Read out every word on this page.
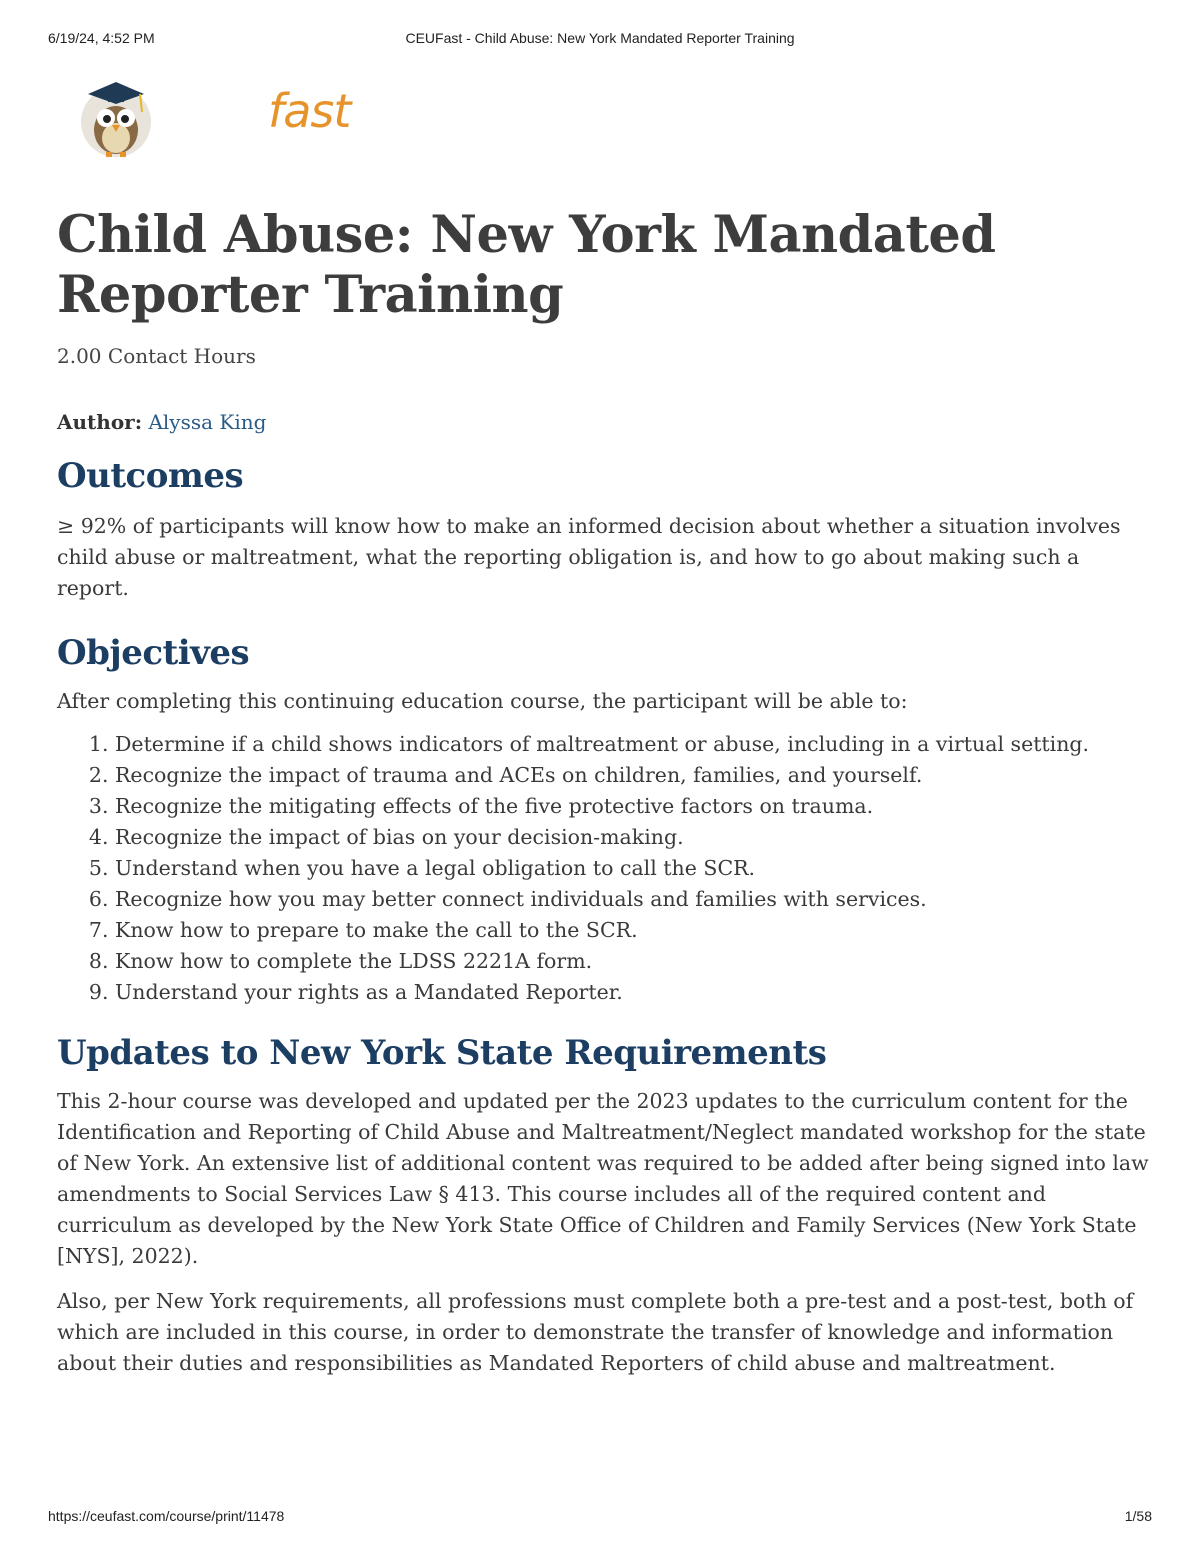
6/19/24, 4:52 PM	CEUFast - Child Abuse: New York Mandated Reporter Training
fast
Child Abuse: New York Mandated Reporter Training
2.00 Contact Hours
Author: Alyssa King
Outcomes

≥ 92% of participants will know how to make an informed decision about whether a situation involves child abuse or maltreatment, what the reporting obligation is, and how to go about making such a report.

Objectives

After completing this continuing education course, the participant will be able to:

1. Determine if a child shows indicators of maltreatment or abuse, including in a virtual setting.
2. Recognize the impact of trauma and ACEs on children, families, and yourself.
3. Recognize the mitigating effects of the five protective factors on trauma.
4. Recognize the impact of bias on your decision-making.
5. Understand when you have a legal obligation to call the SCR.
6. Recognize how you may better connect individuals and families with services.
7. Know how to prepare to make the call to the SCR.
8. Know how to complete the LDSS 2221A form.
9. Understand your rights as a Mandated Reporter.
Updates to New York State Requirements

This 2-hour course was developed and updated per the 2023 updates to the curriculum content for the Identification and Reporting of Child Abuse and Maltreatment/Neglect mandated workshop for the state of New York. An extensive list of additional content was required to be added after being signed into law amendments to Social Services Law § 413. This course includes all of the required content and curriculum as developed by the New York State Office of Children and Family Services (New York State [NYS], 2022).

Also, per New York requirements, all professions must complete both a pre-test and a post-test, both of which are included in this course, in order to demonstrate the transfer of knowledge and information about their duties and responsibilities as Mandated Reporters of child abuse and maltreatment.

https://ceufast.com/course/print/11478	1/58
